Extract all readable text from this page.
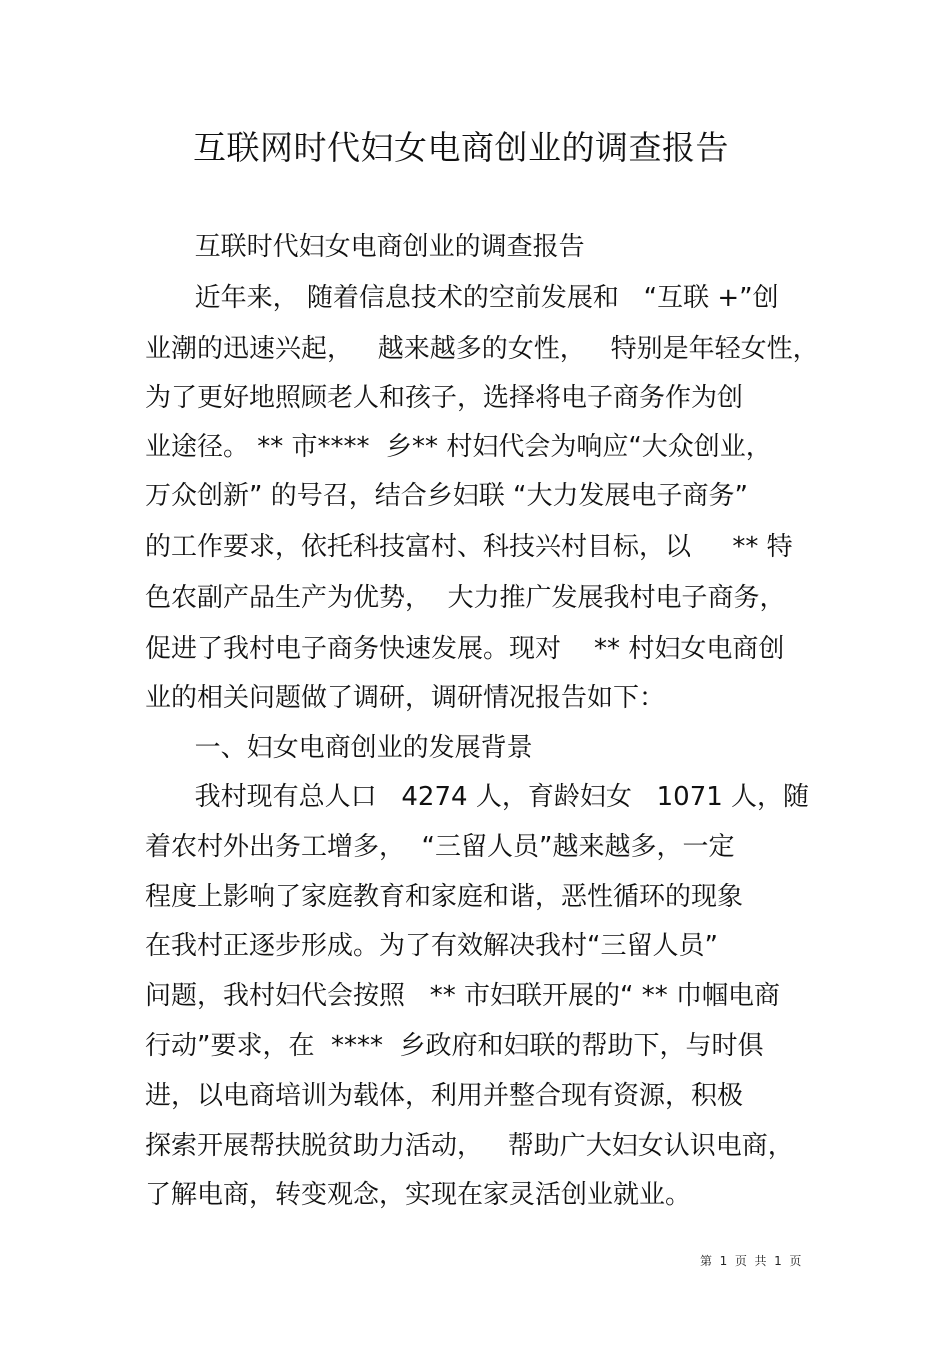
互联网时代妇女电商创业的调查报告

互联时代妇女电商创业的调查报告

近年来， 随着信息技术的空前发展和   “互联 +”创

业潮的迅速兴起，   越来越多的女性，   特别是年轻女性，

为了更好地照顾老人和孩子，选择将电子商务作为创

业途径。 ** 市****  乡** 村妇代会为响应“大众创业，

万众创新” 的号召，结合乡妇联 “大力发展电子商务”

的工作要求，依托科技富村、科技兴村目标，以     ** 特

色农副产品生产为优势，  大力推广发展我村电子商务，

促进了我村电子商务快速发展。现对    ** 村妇女电商创

业的相关问题做了调研，调研情况报告如下：

一、妇女电商创业的发展背景

我村现有总人口   4274 人，育龄妇女   1071 人，随

着农村外出务工增多，  “三留人员”越来越多，一定

程度上影响了家庭教育和家庭和谐，恶性循环的现象

在我村正逐步形成。为了有效解决我村“三留人员”

问题，我村妇代会按照   ** 市妇联开展的“ ** 巾帼电商

行动”要求，在  ****  乡政府和妇联的帮助下，与时俱

进，以电商培训为载体，利用并整合现有资源，积极

探索开展帮扶脱贫助力活动，   帮助广大妇女认识电商，

了解电商，转变观念，实现在家灵活创业就业。

第  1  页  共  1  页
